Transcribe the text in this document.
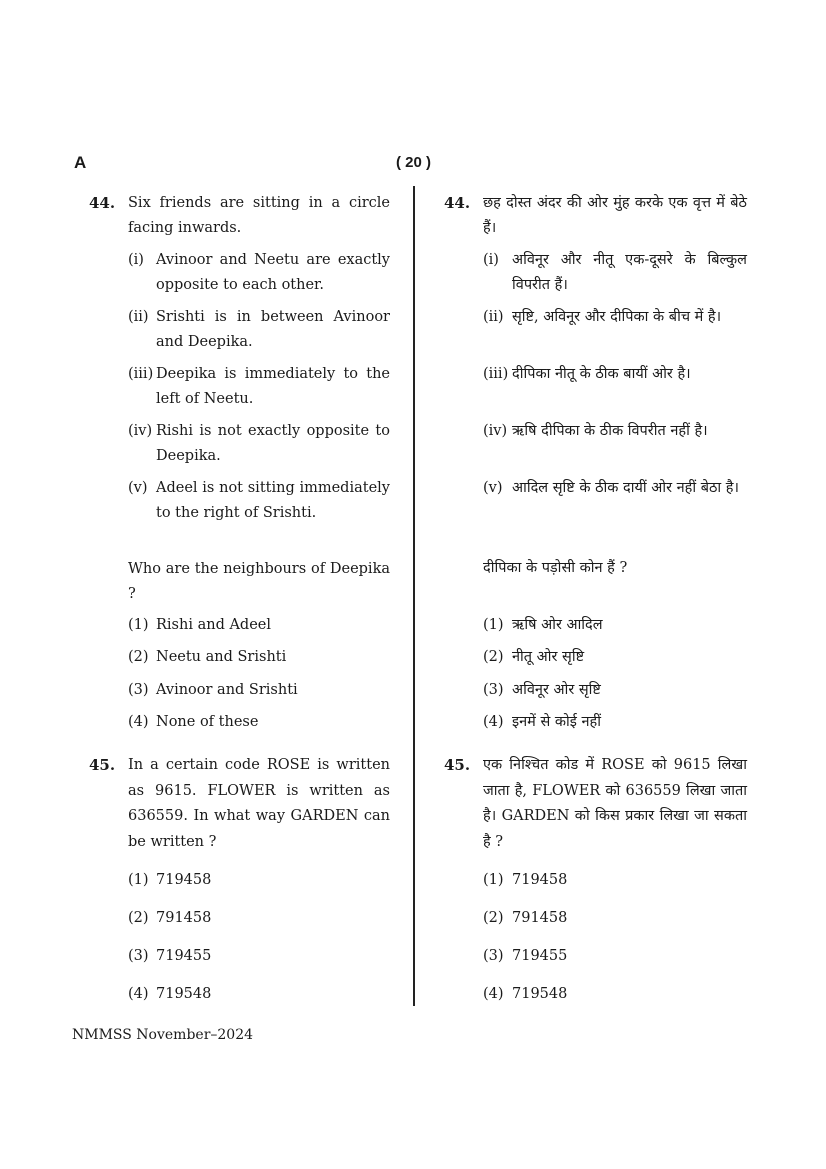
A	( 20 )
44. Six friends are sitting in a circle facing inwards.
(i) Avinoor and Neetu are exactly opposite to each other.
(ii) Srishti is in between Avinoor and Deepika.
(iii) Deepika is immediately to the left of Neetu.
(iv) Rishi is not exactly opposite to Deepika.
(v) Adeel is not sitting immediately to the right of Srishti.
Who are the neighbours of Deepika ?
(1) Rishi and Adeel
(2) Neetu and Srishti
(3) Avinoor and Srishti
(4) None of these
45. In a certain code ROSE is written as 9615. FLOWER is written as 636559. In what way GARDEN can be written ?
(1) 719458
(2) 791458
(3) 719455
(4) 719548
44. छह दोस्त अंदर की ओर मुंह करके एक वृत्त में बेठे हैं।
(i) अविनूर और नीतू एक-दूसरे के बिल्कुल विपरीत हैं।
(ii) सृष्टि, अविनूर और दीपिका के बीच में है।
(iii) दीपिका नीतू के ठीक बायीं ओर है।
(iv) ऋषि दीपिका के ठीक विपरीत नहीं है।
(v) आदिल सृष्टि के ठीक दायीं ओर नहीं बेठा है।
दीपिका के पड़ोसी कोन हैं ?
(1) ऋषि ओर आदिल
(2) नीतू ओर सृष्टि
(3) अविनूर ओर सृष्टि
(4) इनमें से कोई नहीं
45. एक निश्चित कोड में ROSE को 9615 लिखा जाता है, FLOWER को 636559 लिखा जाता है। GARDEN को किस प्रकार लिखा जा सकता है ?
(1) 719458
(2) 791458
(3) 719455
(4) 719548
NMMSS November–2024
